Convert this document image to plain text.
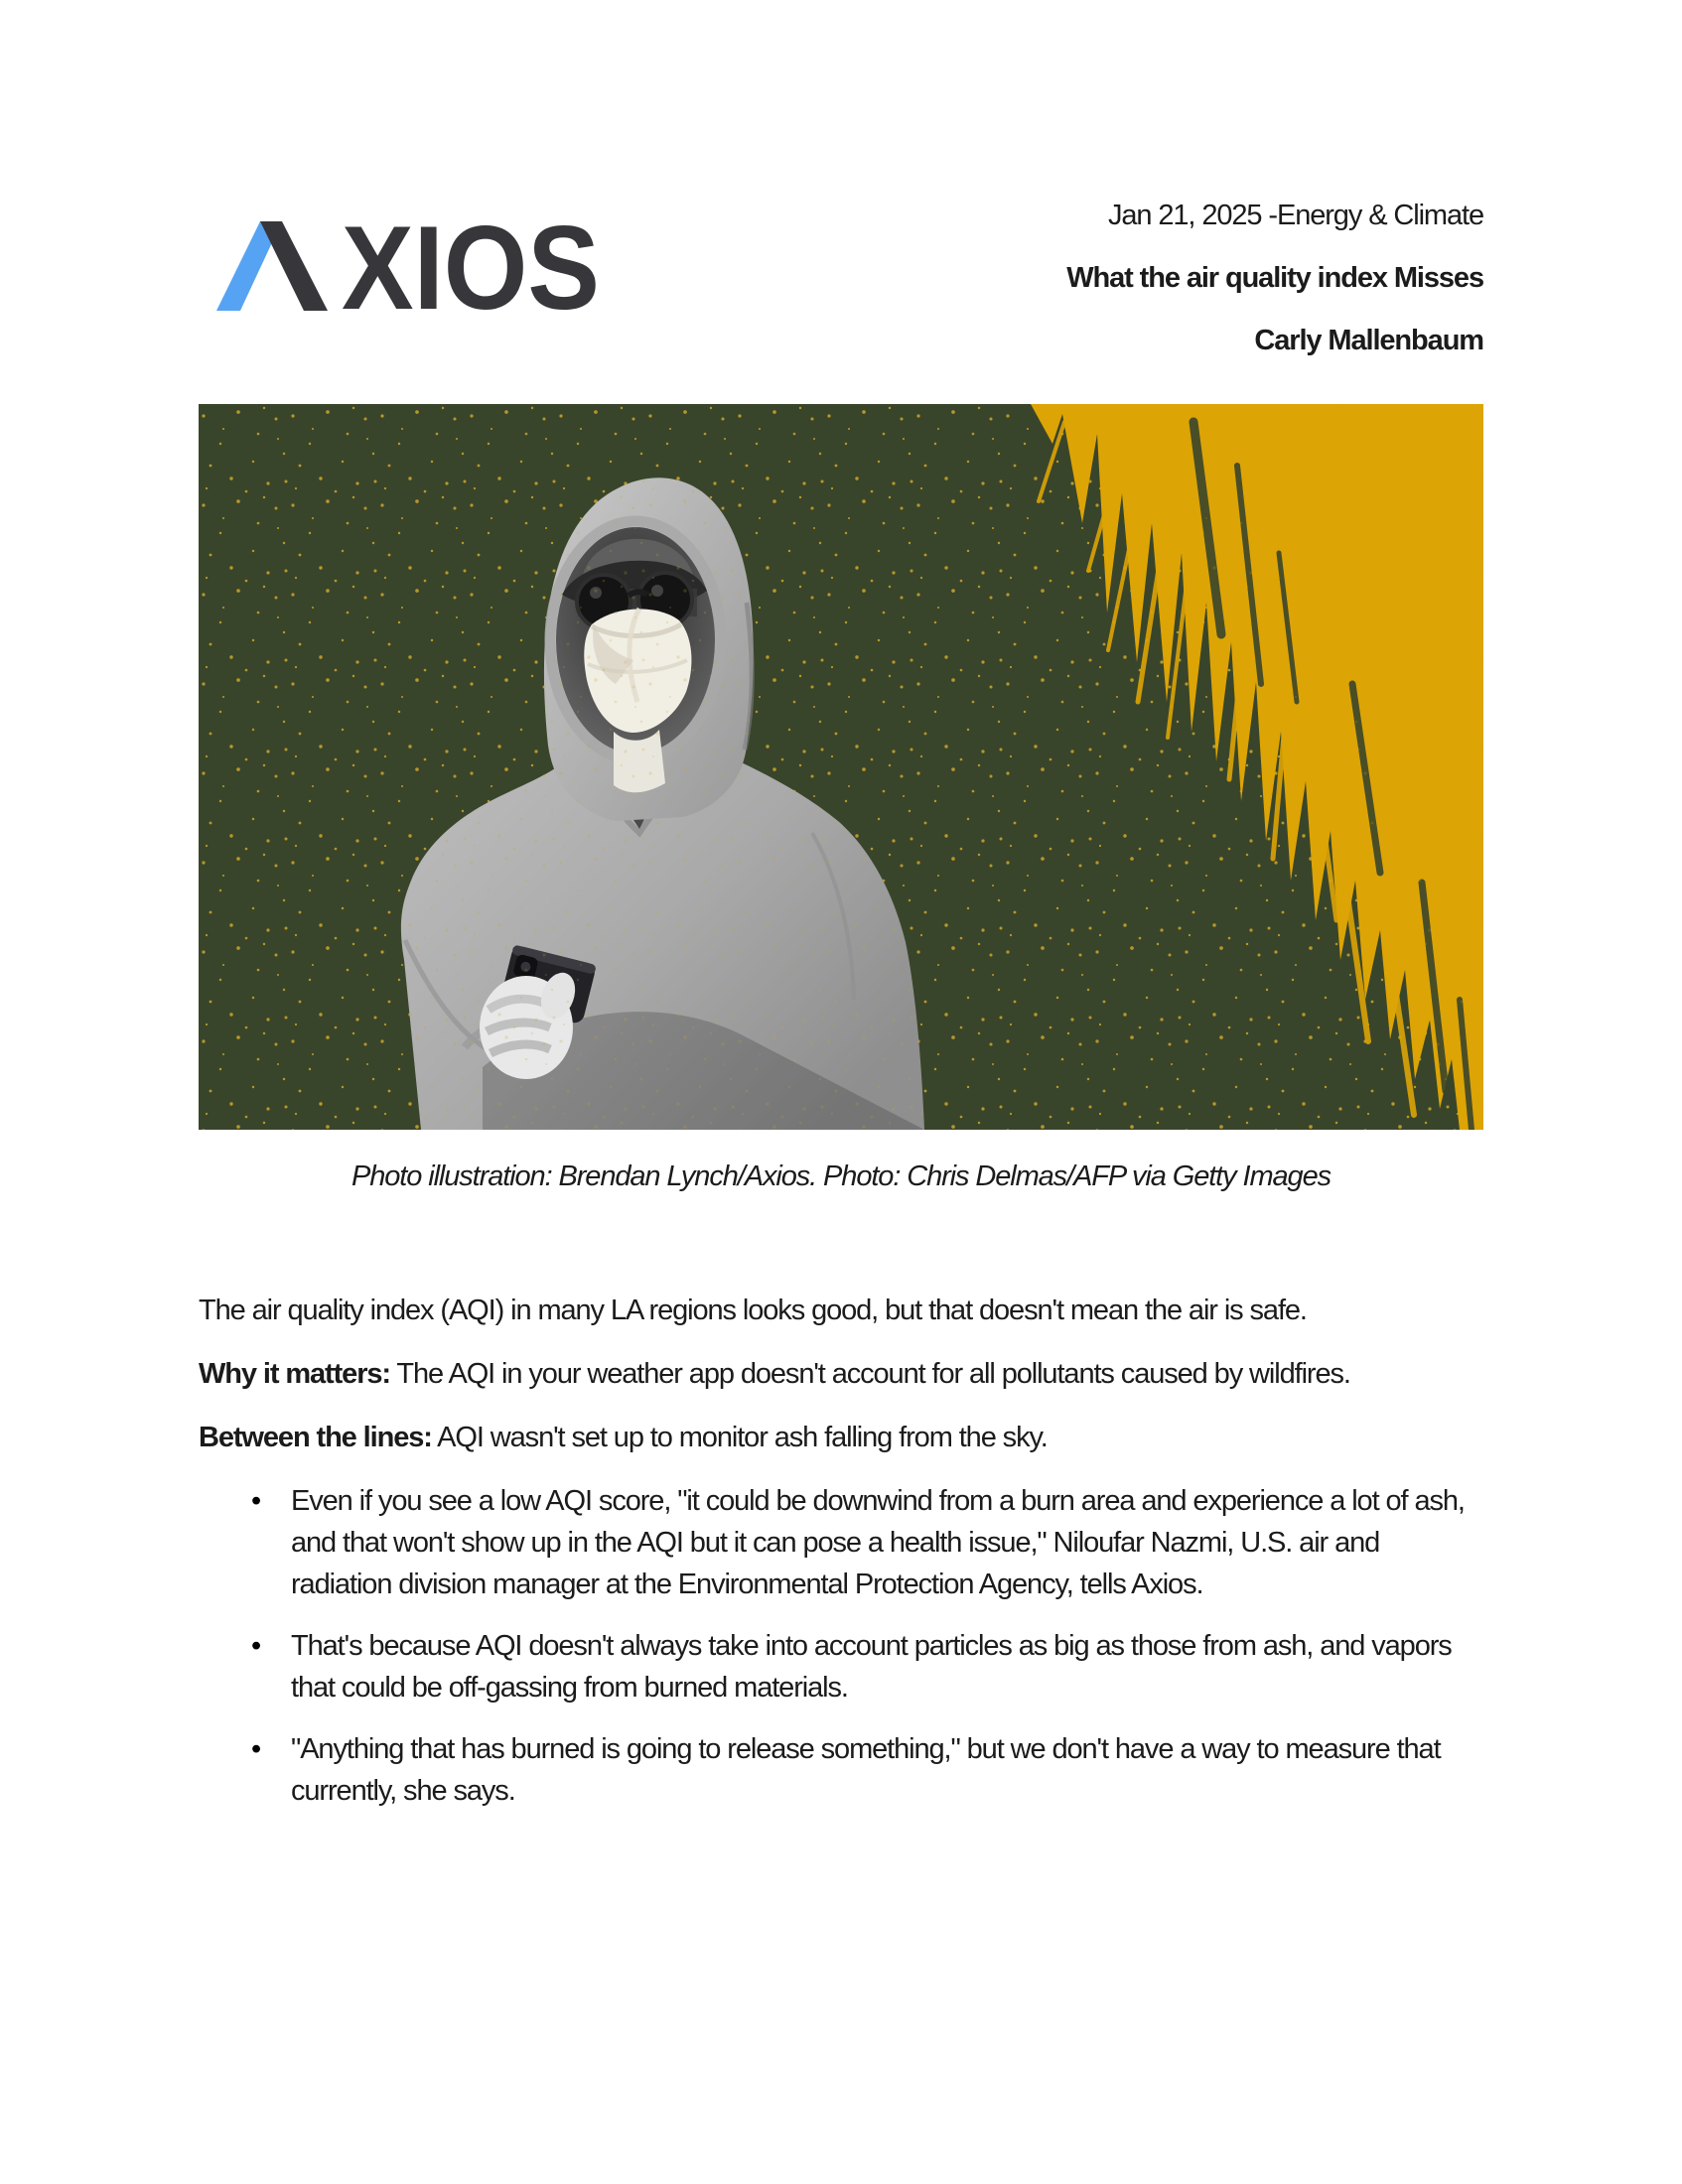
XIOS	Jan 21, 2025 -Energy & Climate

What the air quality index Misses

Carly Mallenbaum

Photo illustration: Brendan Lynch/Axios. Photo: Chris Delmas/AFP via Getty Images

The air quality index (AQI) in many LA regions looks good, but that doesn't mean the air is safe.

Why it matters: The AQI in your weather app doesn't account for all pollutants caused by wildfires.

Between the lines: AQI wasn't set up to monitor ash falling from the sky.

• Even if you see a low AQI score, "it could be downwind from a burn area and experience a lot of ash, and that won't show up in the AQI but it can pose a health issue," Niloufar Nazmi, U.S. air and radiation division manager at the Environmental Protection Agency, tells Axios.
• That's because AQI doesn't always take into account particles as big as those from ash, and vapors that could be off-gassing from burned materials.
• "Anything that has burned is going to release something," but we don't have a way to measure that currently, she says.
